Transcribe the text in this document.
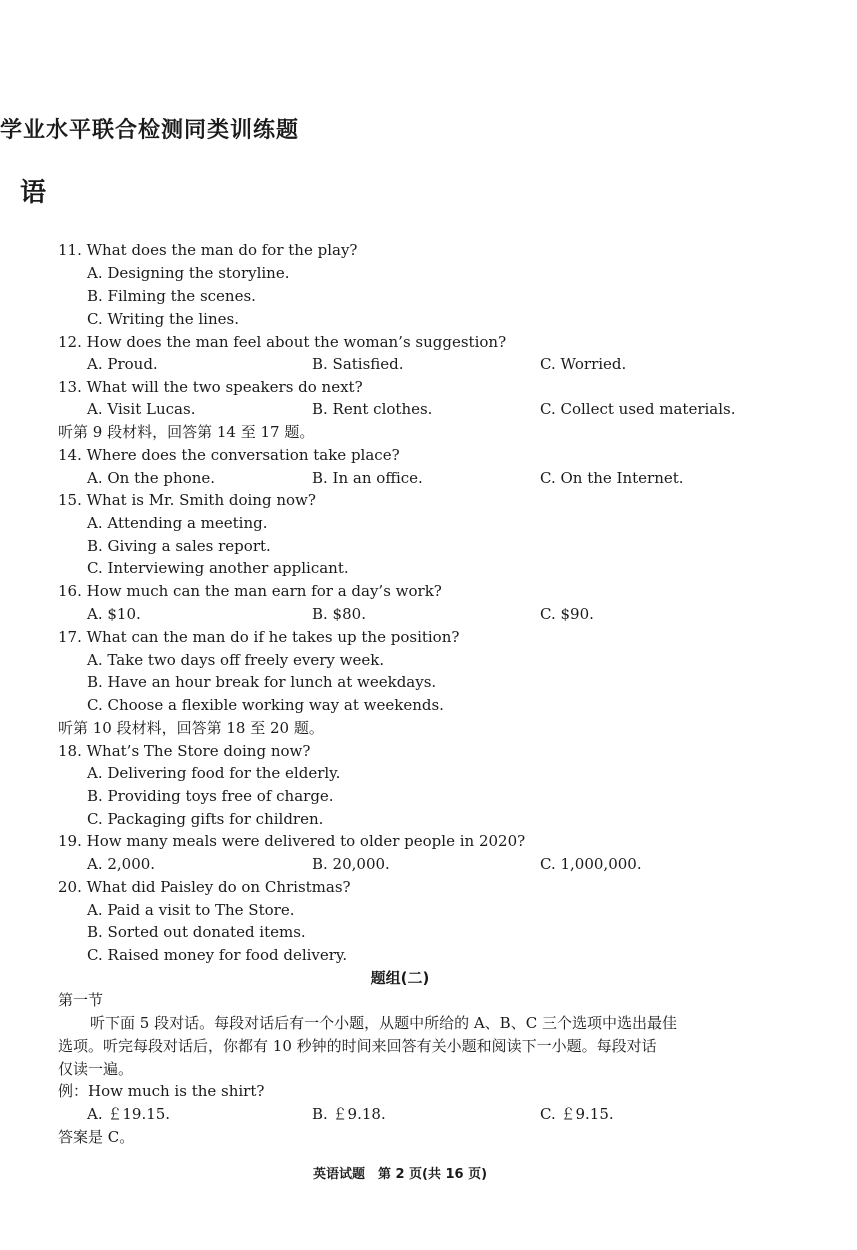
学业水平联合检测同类训练题
语
11. What does the man do for the play?
A. Designing the storyline.
B. Filming the scenes.
C. Writing the lines.
12. How does the man feel about the woman’s suggestion?
A. Proud.	B. Satisfied.	C. Worried.
13. What will the two speakers do next?
A. Visit Lucas.	B. Rent clothes.	C. Collect used materials.
听第 9 段材料，回答第 14 至 17 题。
14. Where does the conversation take place?
A. On the phone.	B. In an office.	C. On the Internet.
15. What is Mr. Smith doing now?
A. Attending a meeting.
B. Giving a sales report.
C. Interviewing another applicant.
16. How much can the man earn for a day’s work?
A. $10.	B. $80.	C. $90.
17. What can the man do if he takes up the position?
A. Take two days off freely every week.
B. Have an hour break for lunch at weekdays.
C. Choose a flexible working way at weekends.
听第 10 段材料，回答第 18 至 20 题。
18. What’s The Store doing now?
A. Delivering food for the elderly.
B. Providing toys free of charge.
C. Packaging gifts for children.
19. How many meals were delivered to older people in 2020?
A. 2,000.	B. 20,000.	C. 1,000,000.
20. What did Paisley do on Christmas?
A. Paid a visit to The Store.
B. Sorted out donated items.
C. Raised money for food delivery.
题组(二)
第一节
听下面 5 段对话。每段对话后有一个小题，从题中所给的 A、B、C 三个选项中选出最佳
选项。听完每段对话后，你都有 10 秒钟的时间来回答有关小题和阅读下一小题。每段对话
仅读一遍。
例：How much is the shirt?
A. ￡19.15.	B. ￡9.18.	C. ￡9.15.
答案是 C。
英语试题　第 2 页(共 16 页)
